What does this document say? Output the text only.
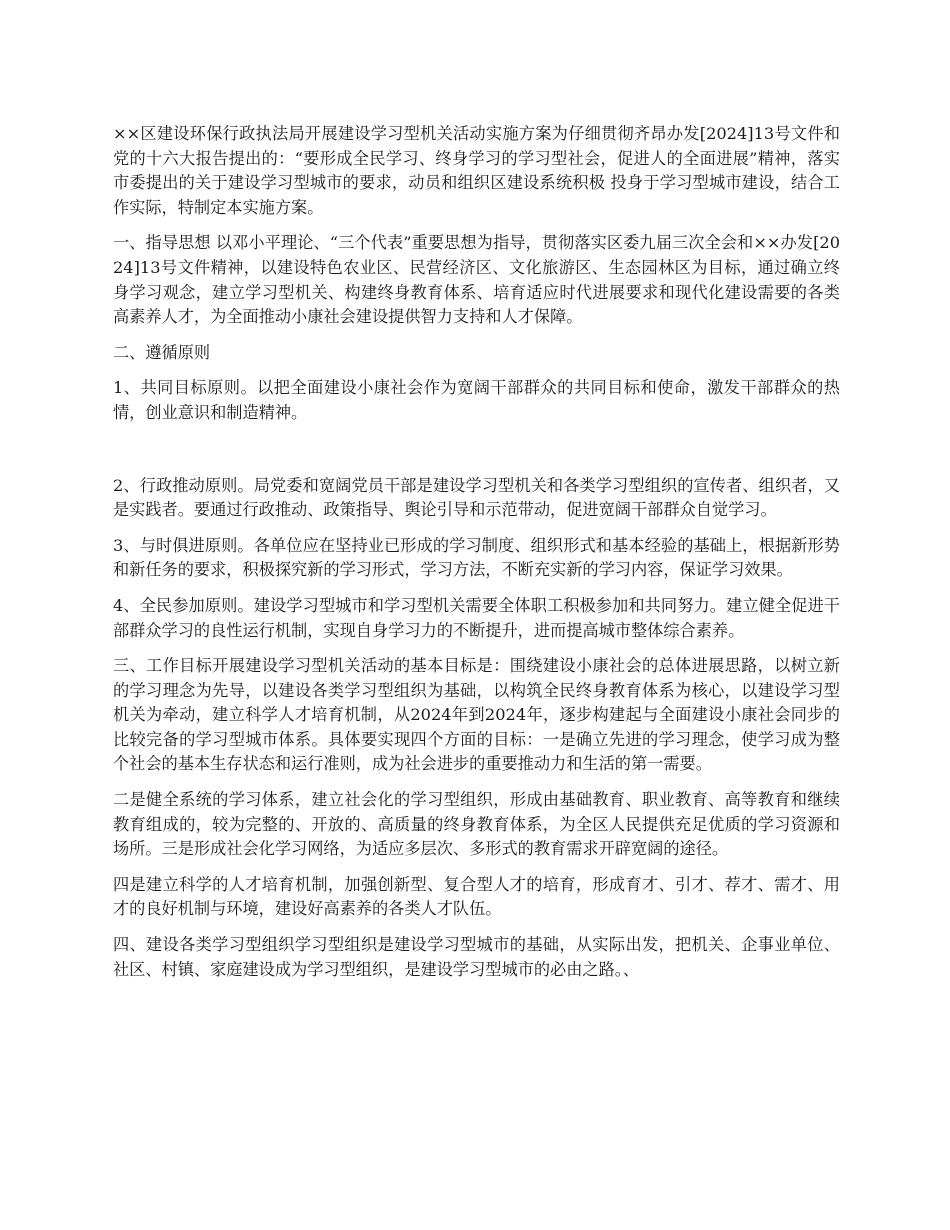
××区建设环保行政执法局开展建设学习型机关活动实施方案为仔细贯彻齐昂办发[2024]13号文件和党的十六大报告提出的：“要形成全民学习、终身学习的学习型社会，促进人的全面进展”精神，落实市委提出的关于建设学习型城市的要求，动员和组织区建设系统积极 投身于学习型城市建设，结合工作实际，特制定本实施方案。

一、指导思想 以邓小平理论、“三个代表”重要思想为指导，贯彻落实区委九届三次全会和××办发[2024]13号文件精神，以建设特色农业区、民营经济区、文化旅游区、生态园林区为目标，通过确立终身学习观念，建立学习型机关、构建终身教育体系、培育适应时代进展要求和现代化建设需要的各类高素养人才，为全面推动小康社会建设提供智力支持和人才保障。

二、遵循原则

1、共同目标原则。以把全面建设小康社会作为宽阔干部群众的共同目标和使命，激发干部群众的热情，创业意识和制造精神。

2、行政推动原则。局党委和宽阔党员干部是建设学习型机关和各类学习型组织的宣传者、组织者，又是实践者。要通过行政推动、政策指导、舆论引导和示范带动，促进宽阔干部群众自觉学习。

3、与时俱进原则。各单位应在坚持业已形成的学习制度、组织形式和基本经验的基础上，根据新形势和新任务的要求，积极探究新的学习形式，学习方法，不断充实新的学习内容，保证学习效果。

4、全民参加原则。建设学习型城市和学习型机关需要全体职工积极参加和共同努力。建立健全促进干部群众学习的良性运行机制，实现自身学习力的不断提升，进而提高城市整体综合素养。

三、工作目标开展建设学习型机关活动的基本目标是：围绕建设小康社会的总体进展思路，以树立新的学习理念为先导，以建设各类学习型组织为基础，以构筑全民终身教育体系为核心，以建设学习型机关为牵动，建立科学人才培育机制，从2024年到2024年，逐步构建起与全面建设小康社会同步的比较完备的学习型城市体系。具体要实现四个方面的目标：一是确立先进的学习理念，使学习成为整个社会的基本生存状态和运行准则，成为社会进步的重要推动力和生活的第一需要。

二是健全系统的学习体系，建立社会化的学习型组织，形成由基础教育、职业教育、高等教育和继续教育组成的，较为完整的、开放的、高质量的终身教育体系，为全区人民提供充足优质的学习资源和场所。三是形成社会化学习网络，为适应多层次、多形式的教育需求开辟宽阔的途径。

四是建立科学的人才培育机制，加强创新型、复合型人才的培育，形成育才、引才、荐才、需才、用才的良好机制与环境，建设好高素养的各类人才队伍。

四、建设各类学习型组织学习型组织是建设学习型城市的基础，从实际出发，把机关、企事业单位、社区、村镇、家庭建设成为学习型组织，是建设学习型城市的必由之路。、
